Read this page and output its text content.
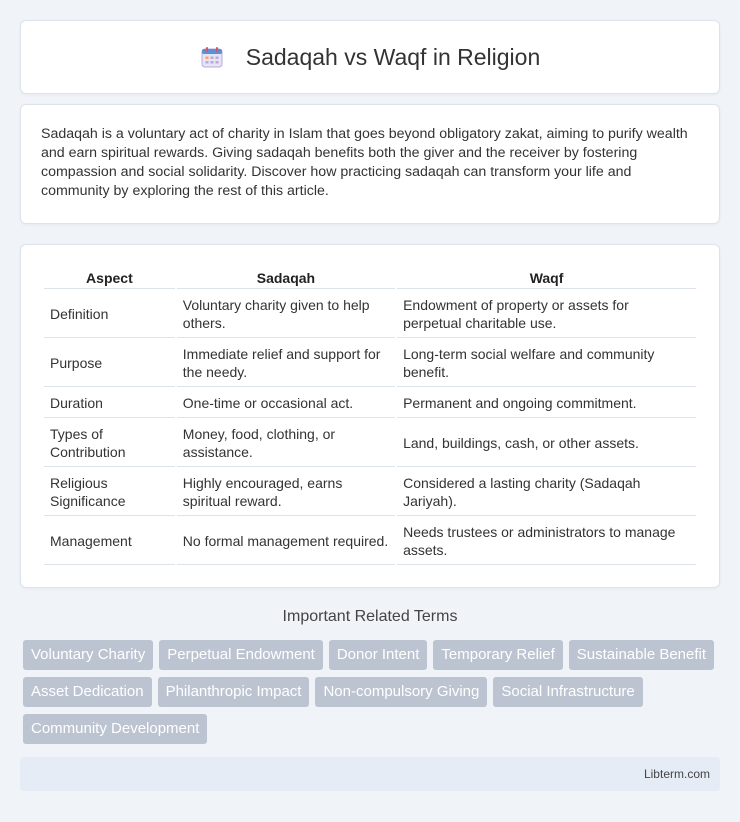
Sadaqah vs Waqf in Religion

Sadaqah is a voluntary act of charity in Islam that goes beyond obligatory zakat, aiming to purify wealth and earn spiritual rewards. Giving sadaqah benefits both the giver and the receiver by fostering compassion and social solidarity. Discover how practicing sadaqah can transform your life and community by exploring the rest of this article.

Aspect	Sadaqah	Waqf
Definition	Voluntary charity given to help others.	Endowment of property or assets for perpetual charitable use.
Purpose	Immediate relief and support for the needy.	Long-term social welfare and community benefit.
Duration	One-time or occasional act.	Permanent and ongoing commitment.
Types of Contribution	Money, food, clothing, or assistance.	Land, buildings, cash, or other assets.
Religious Significance	Highly encouraged, earns spiritual reward.	Considered a lasting charity (Sadaqah Jariyah).
Management	No formal management required.	Needs trustees or administrators to manage assets.
Important Related Terms
Voluntary Charity	Perpetual Endowment	Donor Intent	Temporary Relief	Sustainable Benefit
Asset Dedication	Philanthropic Impact	Non-compulsory Giving	Social Infrastructure
Community Development
Libterm.com
